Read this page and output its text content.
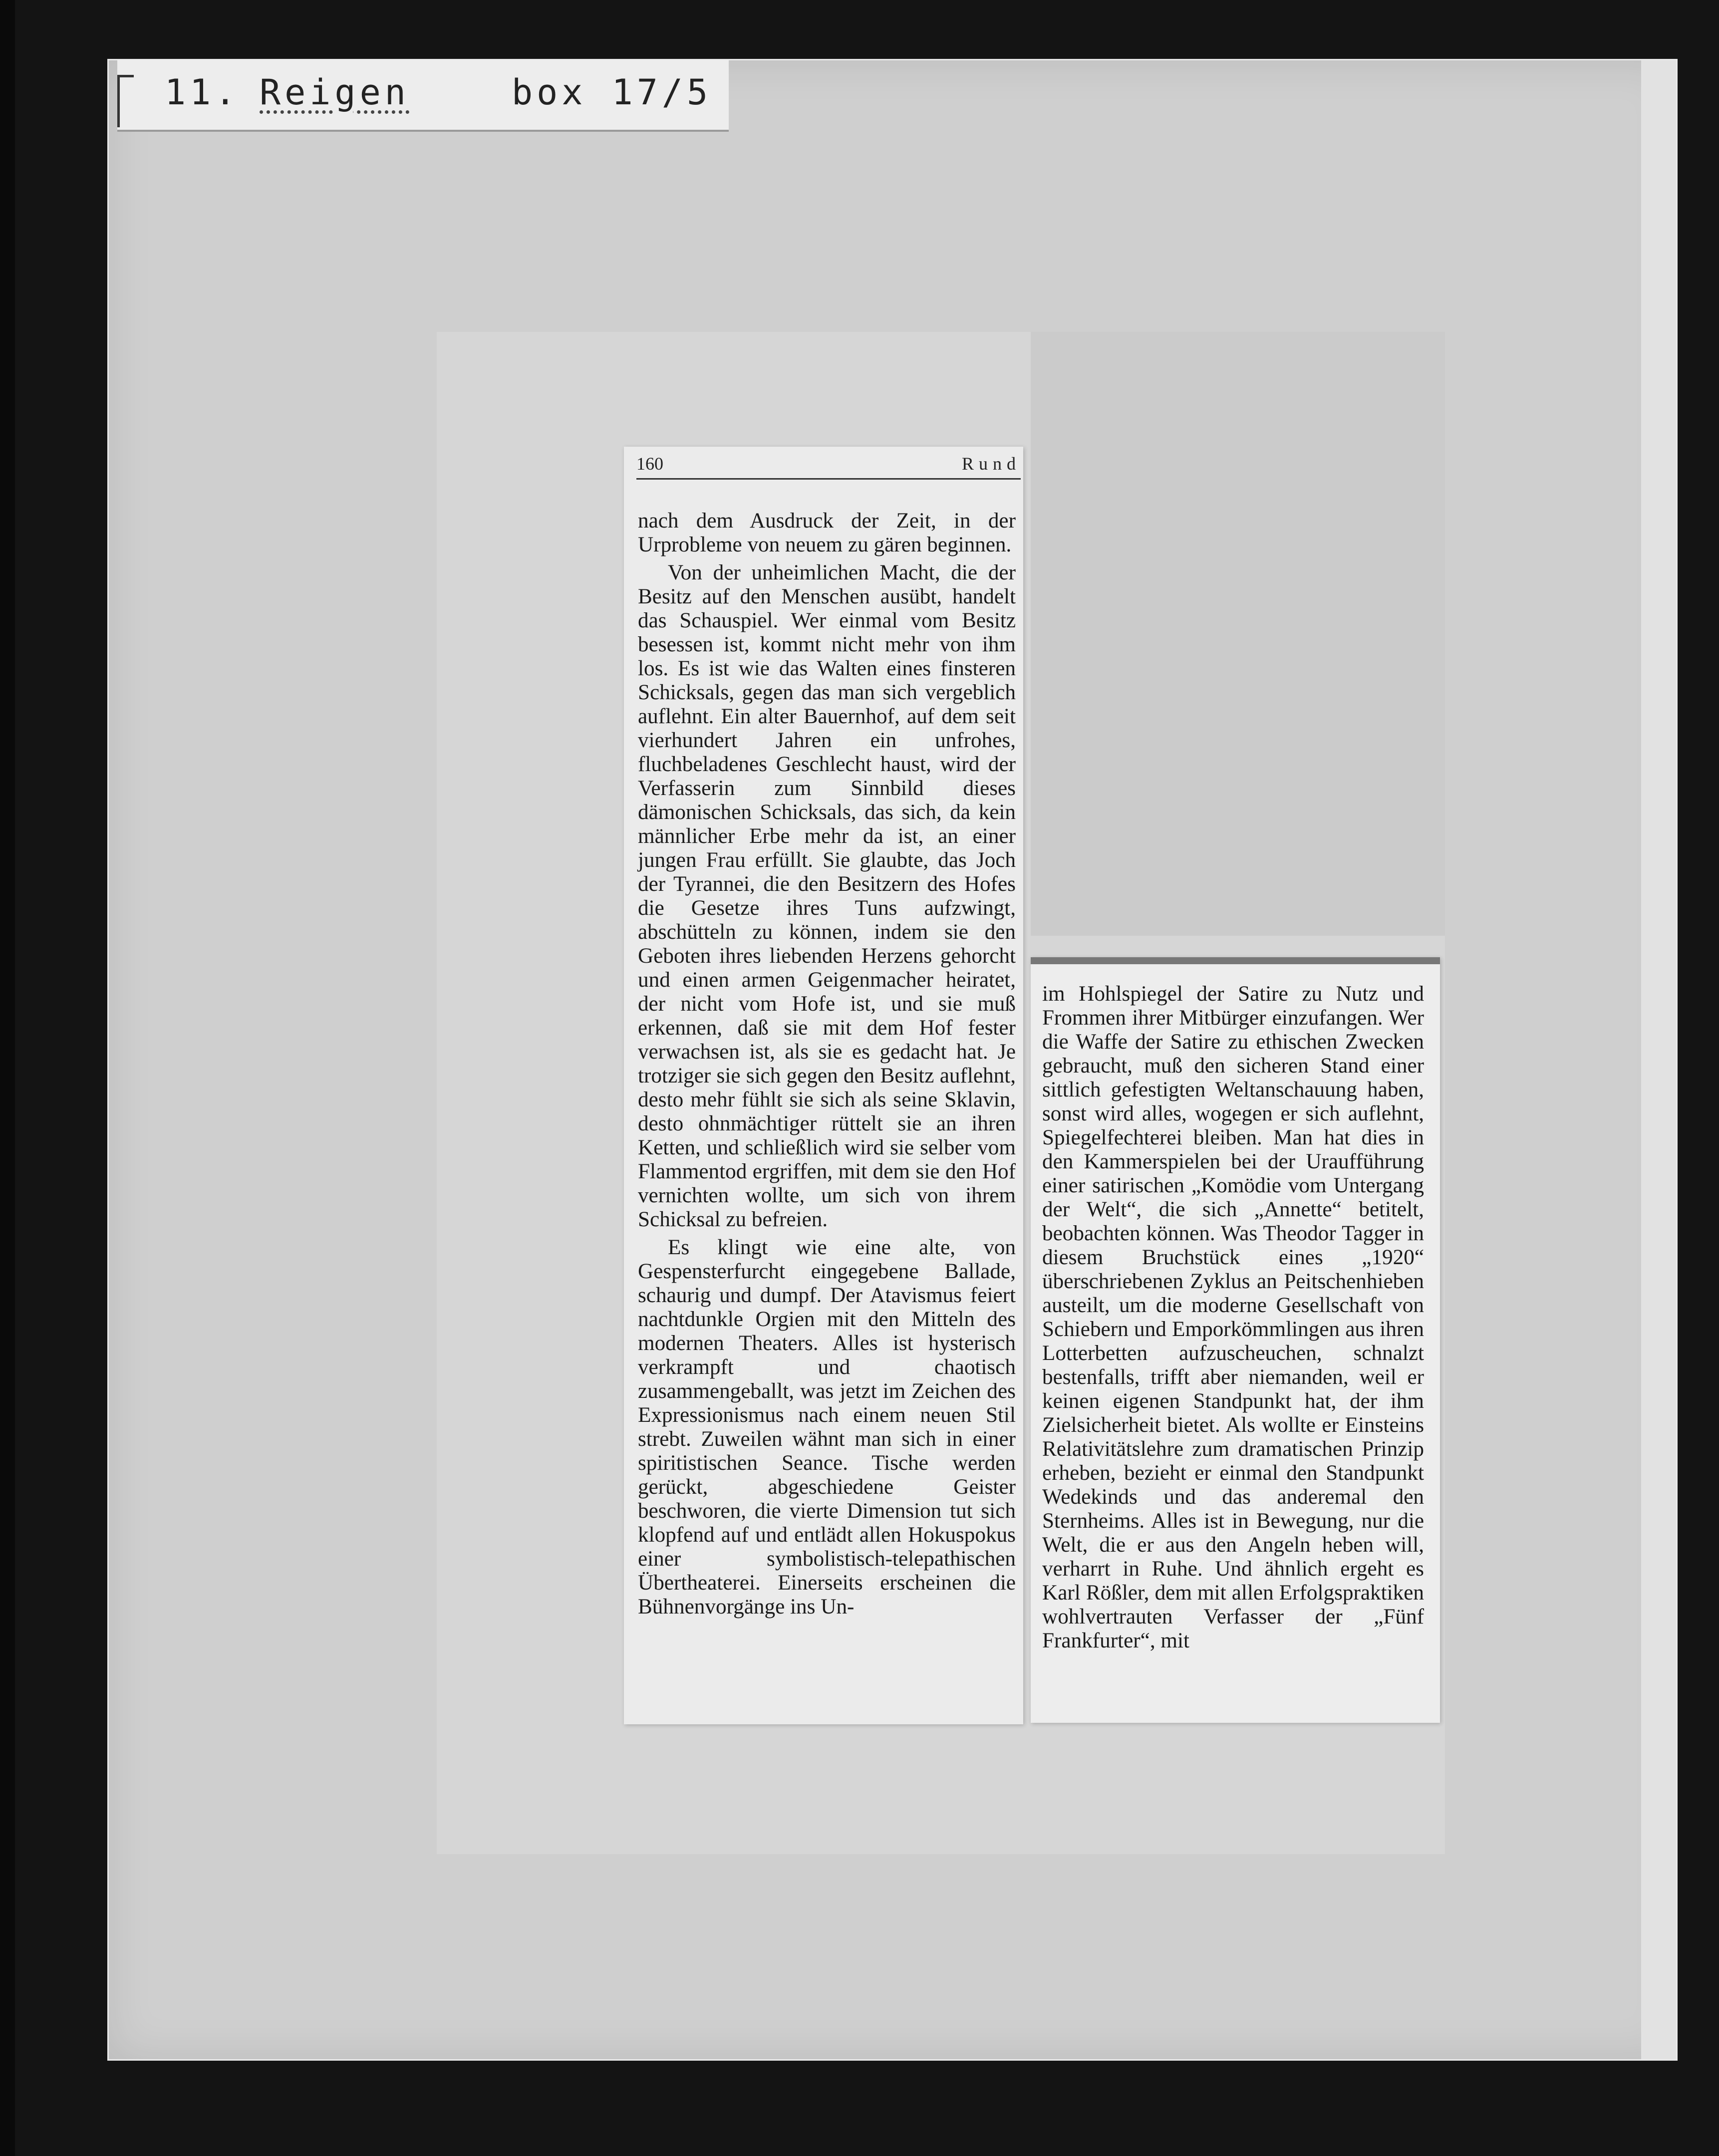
11. Reigen	box 17/5
160	Rund

nach dem Ausdruck der Zeit, in der Urprobleme von neuem zu gären beginnen.

Von der unheimlichen Macht, die der Besitz auf den Menschen ausübt, handelt das Schauspiel. Wer einmal vom Besitz besessen ist, kommt nicht mehr von ihm los. Es ist wie das Walten eines finsteren Schicksals, gegen das man sich vergeblich auflehnt. Ein alter Bauernhof, auf dem seit vierhundert Jahren ein unfrohes, fluchbeladenes Geschlecht haust, wird der Verfasserin zum Sinnbild dieses dämonischen Schicksals, das sich, da kein männlicher Erbe mehr da ist, an einer jungen Frau erfüllt. Sie glaubte, das Joch der Tyrannei, die den Besitzern des Hofes die Gesetze ihres Tuns aufzwingt, abschütteln zu können, indem sie den Geboten ihres liebenden Herzens gehorcht und einen armen Geigenmacher heiratet, der nicht vom Hofe ist, und sie muß erkennen, daß sie mit dem Hof fester verwachsen ist, als sie es gedacht hat. Je trotziger sie sich gegen den Besitz auflehnt, desto mehr fühlt sie sich als seine Sklavin, desto ohnmächtiger rüttelt sie an ihren Ketten, und schließlich wird sie selber vom Flammentod ergriffen, mit dem sie den Hof vernichten wollte, um sich von ihrem Schicksal zu befreien.

Es klingt wie eine alte, von Gespensterfurcht eingegebene Ballade, schaurig und dumpf. Der Atavismus feiert nachtdunkle Orgien mit den Mitteln des modernen Theaters. Alles ist hysterisch verkrampft und chaotisch zusammengeballt, was jetzt im Zeichen des Expressionismus nach einem neuen Stil strebt. Zuweilen wähnt man sich in einer spiritistischen Seance. Tische werden gerückt, abgeschiedene Geister beschworen, die vierte Dimension tut sich klopfend auf und entlädt allen Hokuspokus einer symbolistisch-telepathischen Übertheaterei. Einerseits erscheinen die Bühnenvorgänge ins Un-

im Hohlspiegel der Satire zu Nutz und Frommen ihrer Mitbürger einzufangen. Wer die Waffe der Satire zu ethischen Zwecken gebraucht, muß den sicheren Stand einer sittlich gefestigten Weltanschauung haben, sonst wird alles, wogegen er sich auflehnt, Spiegelfechterei bleiben. Man hat dies in den Kammerspielen bei der Uraufführung einer satirischen „Komödie vom Untergang der Welt“, die sich „Annette“ betitelt, beobachten können. Was Theodor Tagger in diesem Bruchstück eines „1920“ überschriebenen Zyklus an Peitschenhieben austeilt, um die moderne Gesellschaft von Schiebern und Emporkömmlingen aus ihren Lotterbetten aufzuscheuchen, schnalzt bestenfalls, trifft aber niemanden, weil er keinen eigenen Standpunkt hat, der ihm Zielsicherheit bietet. Als wollte er Einsteins Relativitätslehre zum dramatischen Prinzip erheben, bezieht er einmal den Standpunkt Wedekinds und das anderemal den Sternheims. Alles ist in Bewegung, nur die Welt, die er aus den Angeln heben will, verharrt in Ruhe. Und ähnlich ergeht es Karl Rößler, dem mit allen Erfolgspraktiken wohlvertrauten Verfasser der „Fünf Frankfurter“, mit
